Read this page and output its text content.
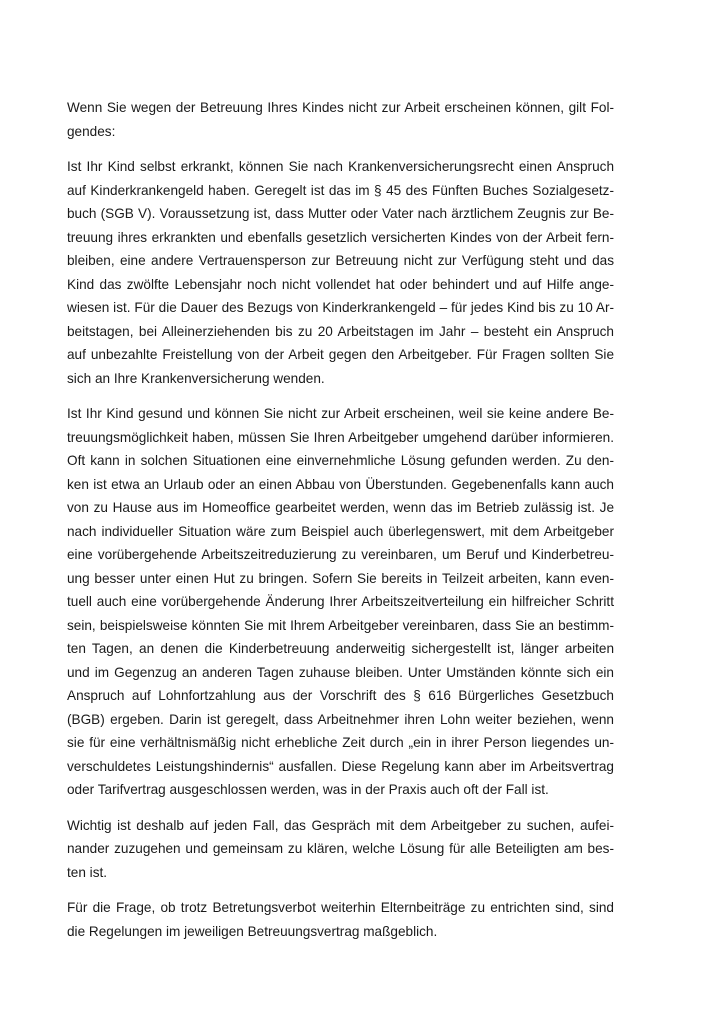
Wenn Sie wegen der Betreuung Ihres Kindes nicht zur Arbeit erscheinen können, gilt Fol-
gendes:

Ist Ihr Kind selbst erkrankt, können Sie nach Krankenversicherungsrecht einen Anspruch
auf Kinderkrankengeld haben. Geregelt ist das im § 45 des Fünften Buches Sozialgesetz-
buch (SGB V). Voraussetzung ist, dass Mutter oder Vater nach ärztlichem Zeugnis zur Be-
treuung ihres erkrankten und ebenfalls gesetzlich versicherten Kindes von der Arbeit fern-
bleiben, eine andere Vertrauensperson zur Betreuung nicht zur Verfügung steht und das
Kind das zwölfte Lebensjahr noch nicht vollendet hat oder behindert und auf Hilfe ange-
wiesen ist. Für die Dauer des Bezugs von Kinderkrankengeld – für jedes Kind bis zu 10 Ar-
beitstagen, bei Alleinerziehenden bis zu 20 Arbeitstagen im Jahr – besteht ein Anspruch
auf unbezahlte Freistellung von der Arbeit gegen den Arbeitgeber. Für Fragen sollten Sie
sich an Ihre Krankenversicherung wenden.

Ist Ihr Kind gesund und können Sie nicht zur Arbeit erscheinen, weil sie keine andere Be-
treuungsmöglichkeit haben, müssen Sie Ihren Arbeitgeber umgehend darüber informieren.
Oft kann in solchen Situationen eine einvernehmliche Lösung gefunden werden. Zu den-
ken ist etwa an Urlaub oder an einen Abbau von Überstunden. Gegebenenfalls kann auch
von zu Hause aus im Homeoffice gearbeitet werden, wenn das im Betrieb zulässig ist. Je
nach individueller Situation wäre zum Beispiel auch überlegenswert, mit dem Arbeitgeber
eine vorübergehende Arbeitszeitreduzierung zu vereinbaren, um Beruf und Kinderbetreu-
ung besser unter einen Hut zu bringen. Sofern Sie bereits in Teilzeit arbeiten, kann even-
tuell auch eine vorübergehende Änderung Ihrer Arbeitszeitverteilung ein hilfreicher Schritt
sein, beispielsweise könnten Sie mit Ihrem Arbeitgeber vereinbaren, dass Sie an bestimm-
ten Tagen, an denen die Kinderbetreuung anderweitig sichergestellt ist, länger arbeiten
und im Gegenzug an anderen Tagen zuhause bleiben. Unter Umständen könnte sich ein
Anspruch auf Lohnfortzahlung aus der Vorschrift des § 616 Bürgerliches Gesetzbuch
(BGB) ergeben. Darin ist geregelt, dass Arbeitnehmer ihren Lohn weiter beziehen, wenn
sie für eine verhältnismäßig nicht erhebliche Zeit durch „ein in ihrer Person liegendes un-
verschuldetes Leistungshindernis“ ausfallen. Diese Regelung kann aber im Arbeitsvertrag
oder Tarifvertrag ausgeschlossen werden, was in der Praxis auch oft der Fall ist.

Wichtig ist deshalb auf jeden Fall, das Gespräch mit dem Arbeitgeber zu suchen, aufei-
nander zuzugehen und gemeinsam zu klären, welche Lösung für alle Beteiligten am bes-
ten ist.

Für die Frage, ob trotz Betretungsverbot weiterhin Elternbeiträge zu entrichten sind, sind
die Regelungen im jeweiligen Betreuungsvertrag maßgeblich.
